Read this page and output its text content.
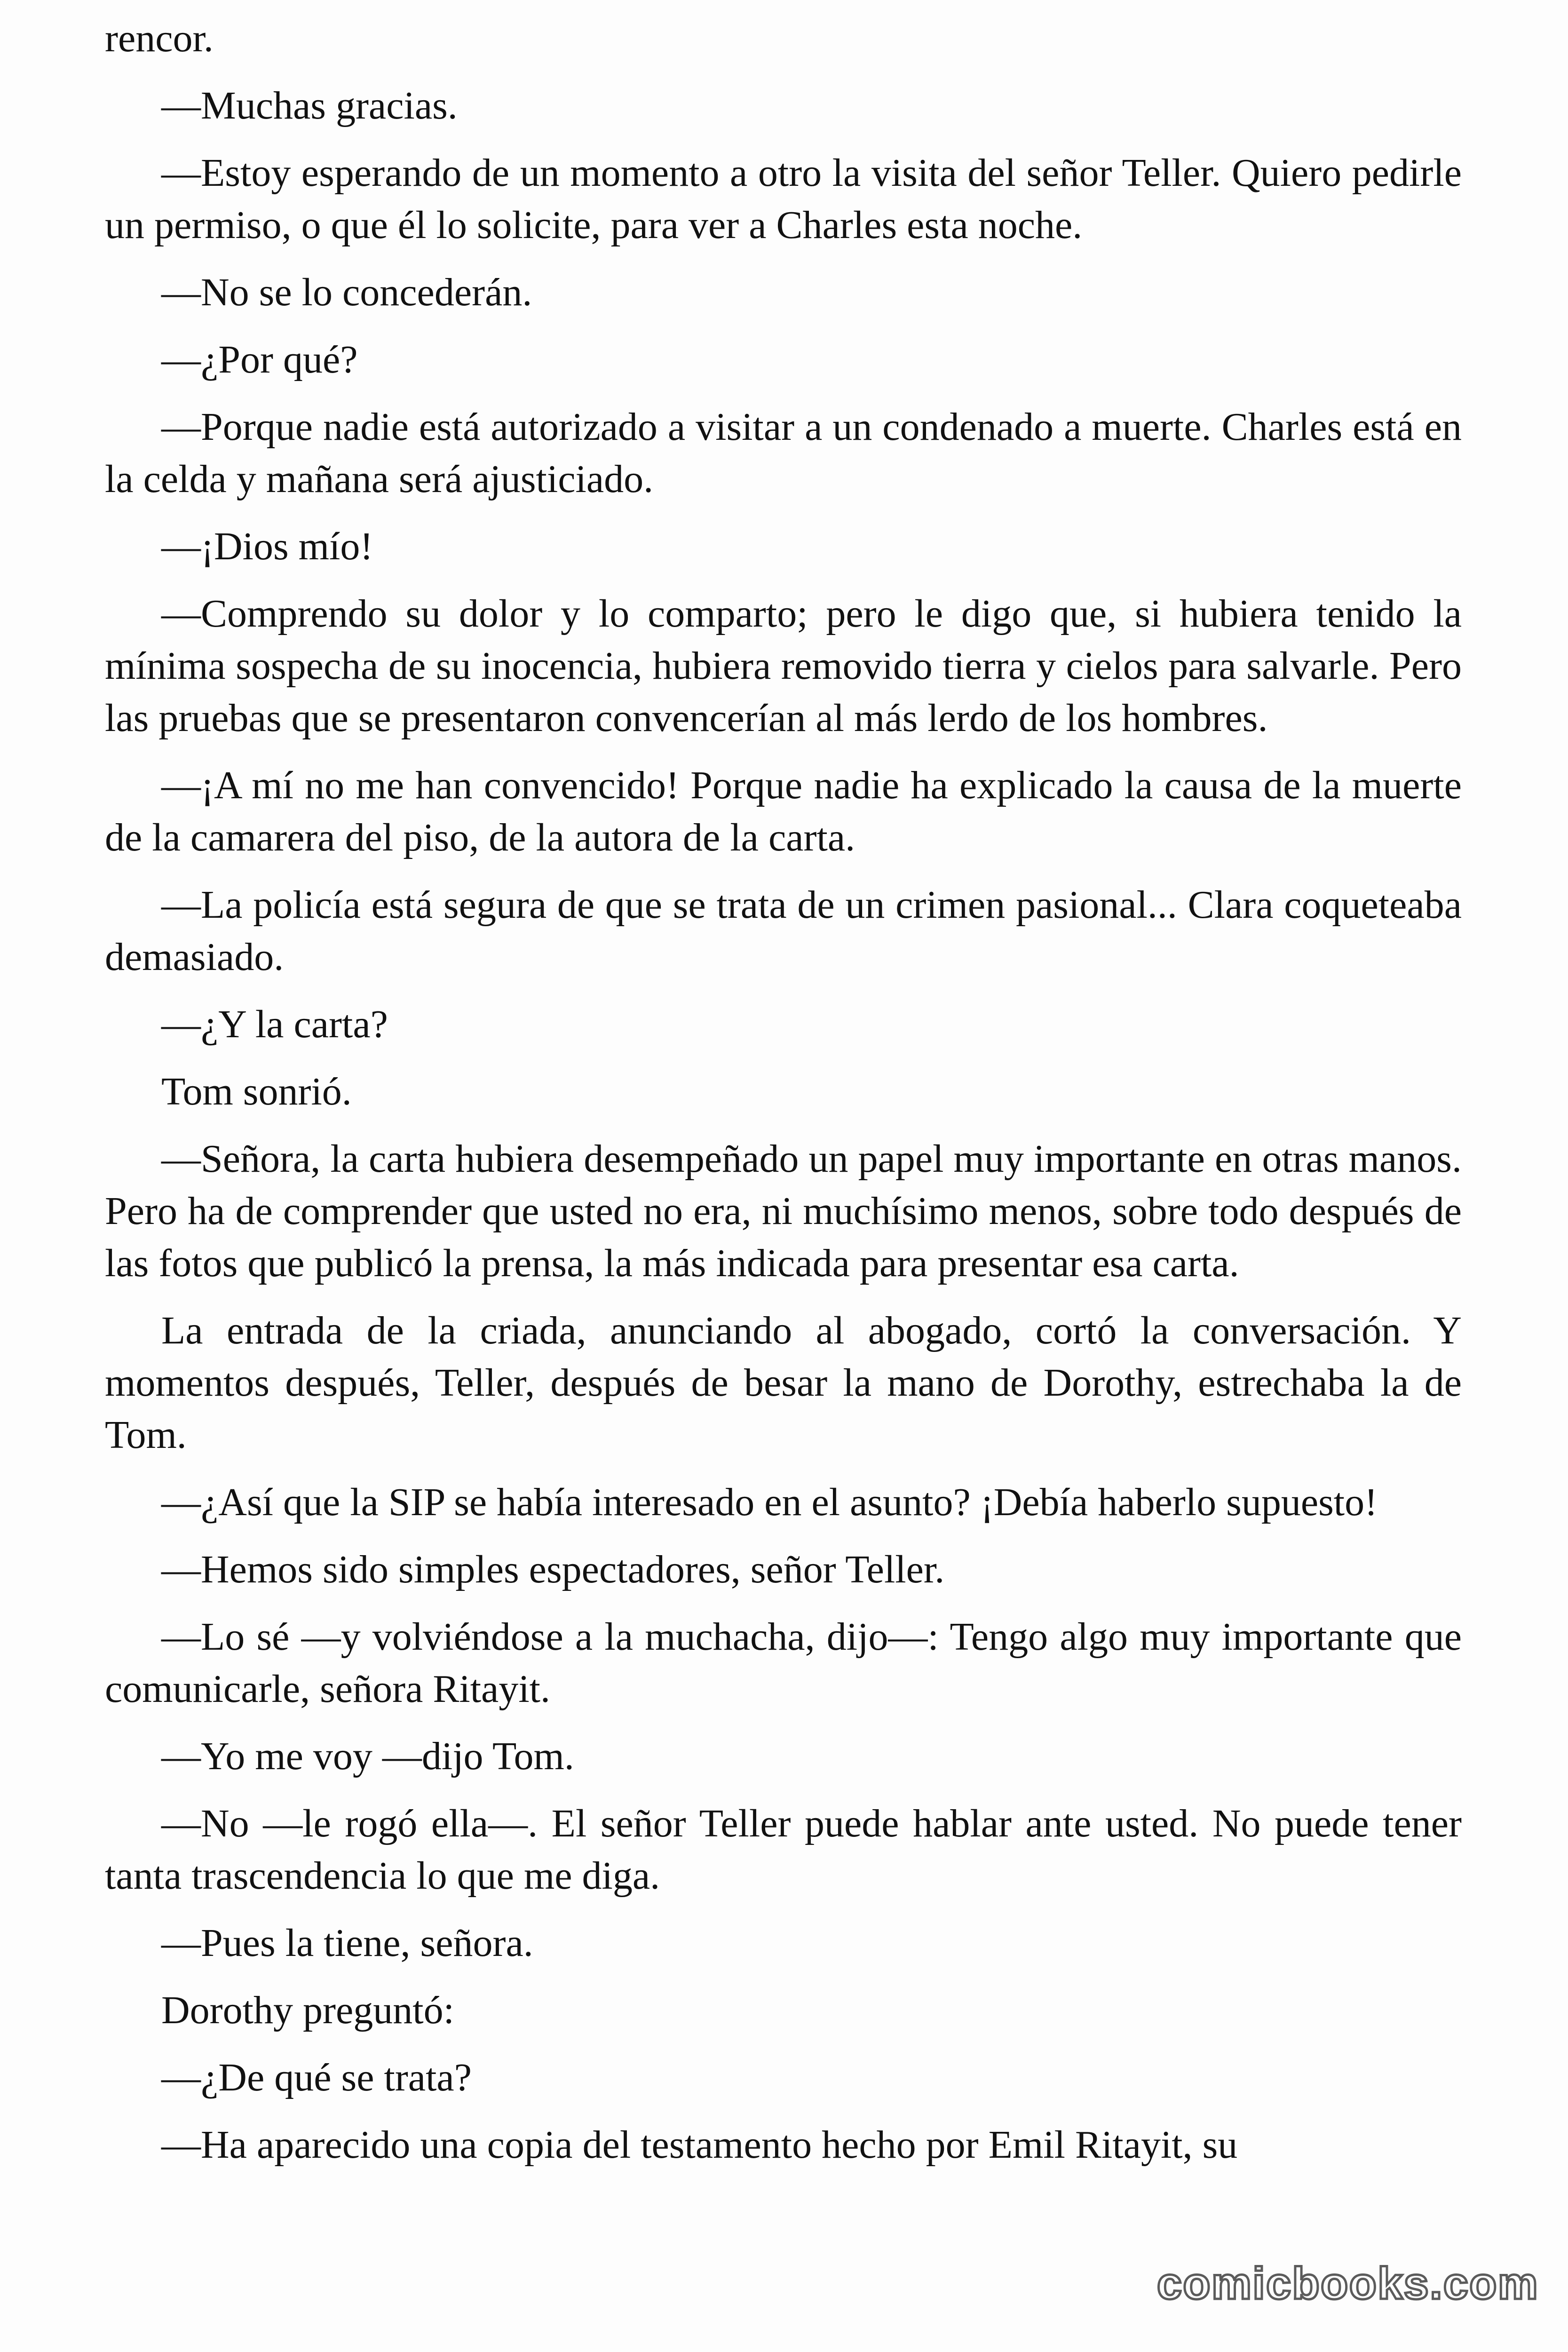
rencor.

—Muchas gracias.

—Estoy esperando de un momento a otro la visita del señor Teller. Quiero pedirle un permiso, o que él lo solicite, para ver a Charles esta noche.

—No se lo concederán.

—¿Por qué?

—Porque nadie está autorizado a visitar a un condenado a muerte. Charles está en la celda y mañana será ajusticiado.

—¡Dios mío!

—Comprendo su dolor y lo comparto; pero le digo que, si hubiera tenido la mínima sospecha de su inocencia, hubiera removido tierra y cielos para salvarle. Pero las pruebas que se presentaron convencerían al más lerdo de los hombres.

—¡A mí no me han convencido! Porque nadie ha explicado la causa de la muerte de la camarera del piso, de la autora de la carta.

—La policía está segura de que se trata de un crimen pasional... Clara coqueteaba demasiado.

—¿Y la carta?

Tom sonrió.

—Señora, la carta hubiera desempeñado un papel muy importante en otras manos. Pero ha de comprender que usted no era, ni muchísimo menos, sobre todo después de las fotos que publicó la prensa, la más indicada para presentar esa carta.

La entrada de la criada, anunciando al abogado, cortó la conversación. Y momentos después, Teller, después de besar la mano de Dorothy, estrechaba la de Tom.

—¿Así que la SIP se había interesado en el asunto? ¡Debía haberlo supuesto!

—Hemos sido simples espectadores, señor Teller.

—Lo sé —y volviéndose a la muchacha, dijo—: Tengo algo muy importante que comunicarle, señora Ritayit.

—Yo me voy —dijo Tom.

—No —le rogó ella—. El señor Teller puede hablar ante usted. No puede tener tanta trascendencia lo que me diga.

—Pues la tiene, señora.

Dorothy preguntó:

—¿De qué se trata?

—Ha aparecido una copia del testamento hecho por Emil Ritayit, su

comicbooks.com
